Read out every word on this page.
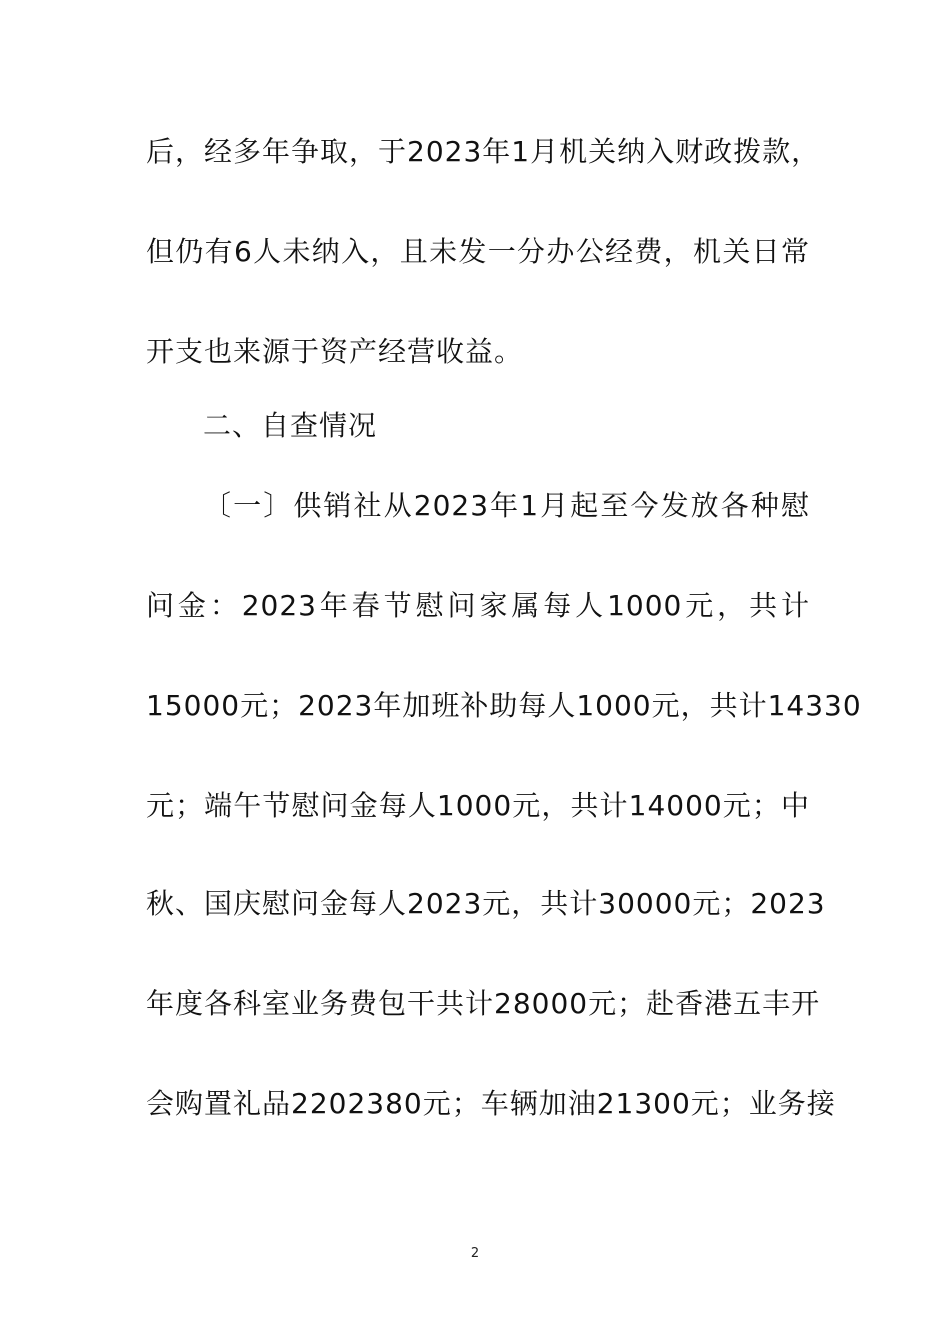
后，经多年争取，于2023年1月机关纳入财政拨款，
但仍有6人未纳入，且未发一分办公经费，机关日常
开支也来源于资产经营收益。
二、自查情况
〔一〕供销社从2023年1月起至今发放各种慰
问金：2023年春节慰问家属每人1000元，共计
15000元；2023年加班补助每人1000元，共计14330
元；端午节慰问金每人1000元，共计14000元；中
秋、国庆慰问金每人2023元，共计30000元；2023
年度各科室业务费包干共计28000元；赴香港五丰开
会购置礼品2202380元；车辆加油21300元；业务接
2
